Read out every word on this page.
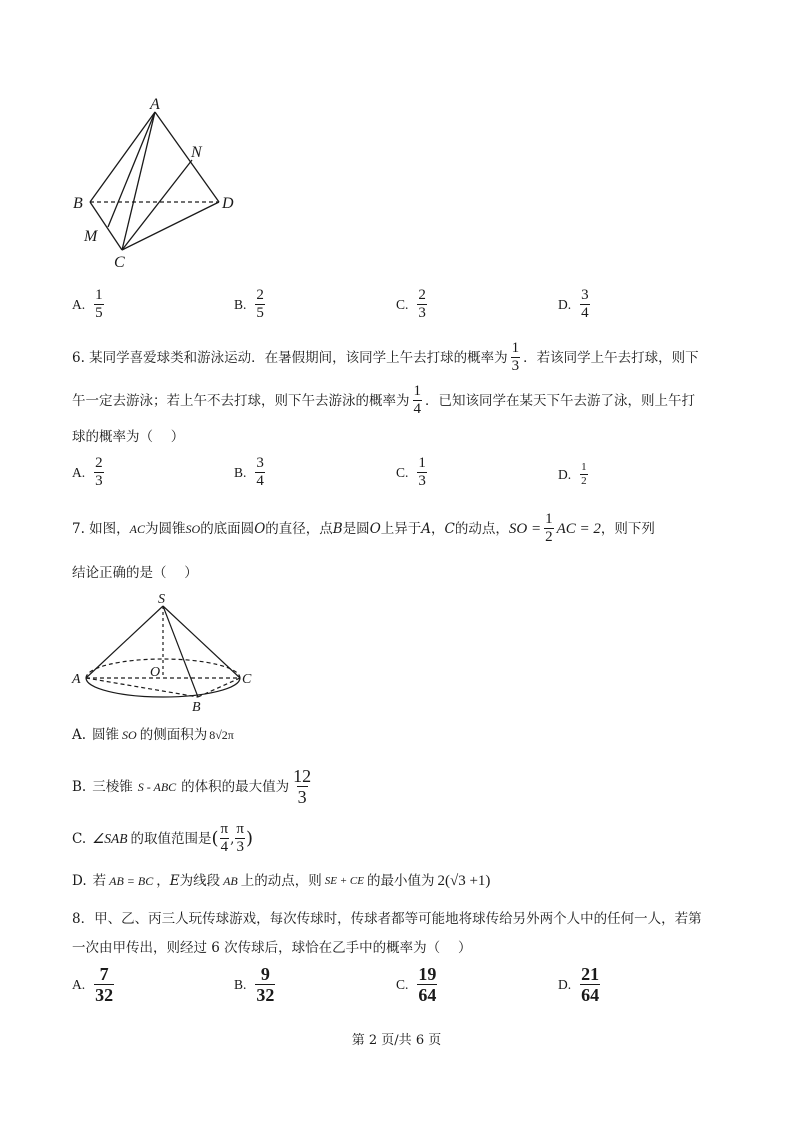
A
N
B	D
M
C
A. $\frac{1}{5}$	B. $\frac{2}{5}$	C. $\frac{2}{3}$	D. $\frac{3}{4}$
6. 某同学喜爱球类和游泳运动．在暑假期间，该同学上午去打球的概率为 $\frac{1}{3}$ ．若该同学上午去打球，则下
午一定去游泳；若上午不去打球，则下午去游泳的概率为 $\frac{1}{4}$ ．已知该同学在某天下午去游了泳，则上午打
球的概率为（　 ）
A. $\frac{2}{3}$	B. $\frac{3}{4}$	C. $\frac{1}{3}$	D. $\frac{1}{2}$
7. 如图， AC 为圆锥 SO 的底面圆 O 的直径，点 B 是圆 O 上异于 A ， C 的动点， SO = $\frac{1}{2}$ AC = 2 ，则下列
结论正确的是（　 ）
S
O
A	C
B
A. 圆锥 SO 的侧面积为 8√2π
B. 三棱锥 S - ABC 的体积的最大值为 $\frac{12}{3}$
C. ∠SAB 的取值范围是 ( $\frac{\pi}{4}$ , $\frac{\pi}{3}$ )
D. 若 AB = BC ， E 为线段 AB 上的动点，则 SE + CE 的最小值为 2(√3 +1)
8．甲、乙、丙三人玩传球游戏，每次传球时，传球者都等可能地将球传给另外两个人中的任何一人，若第
一次由甲传出，则经过 6 次传球后，球恰在乙手中的概率为（　 ）
A. $\frac{7}{32}$	B. $\frac{9}{32}$	C. $\frac{19}{64}$	D. $\frac{21}{64}$
第 2 页/共 6 页
